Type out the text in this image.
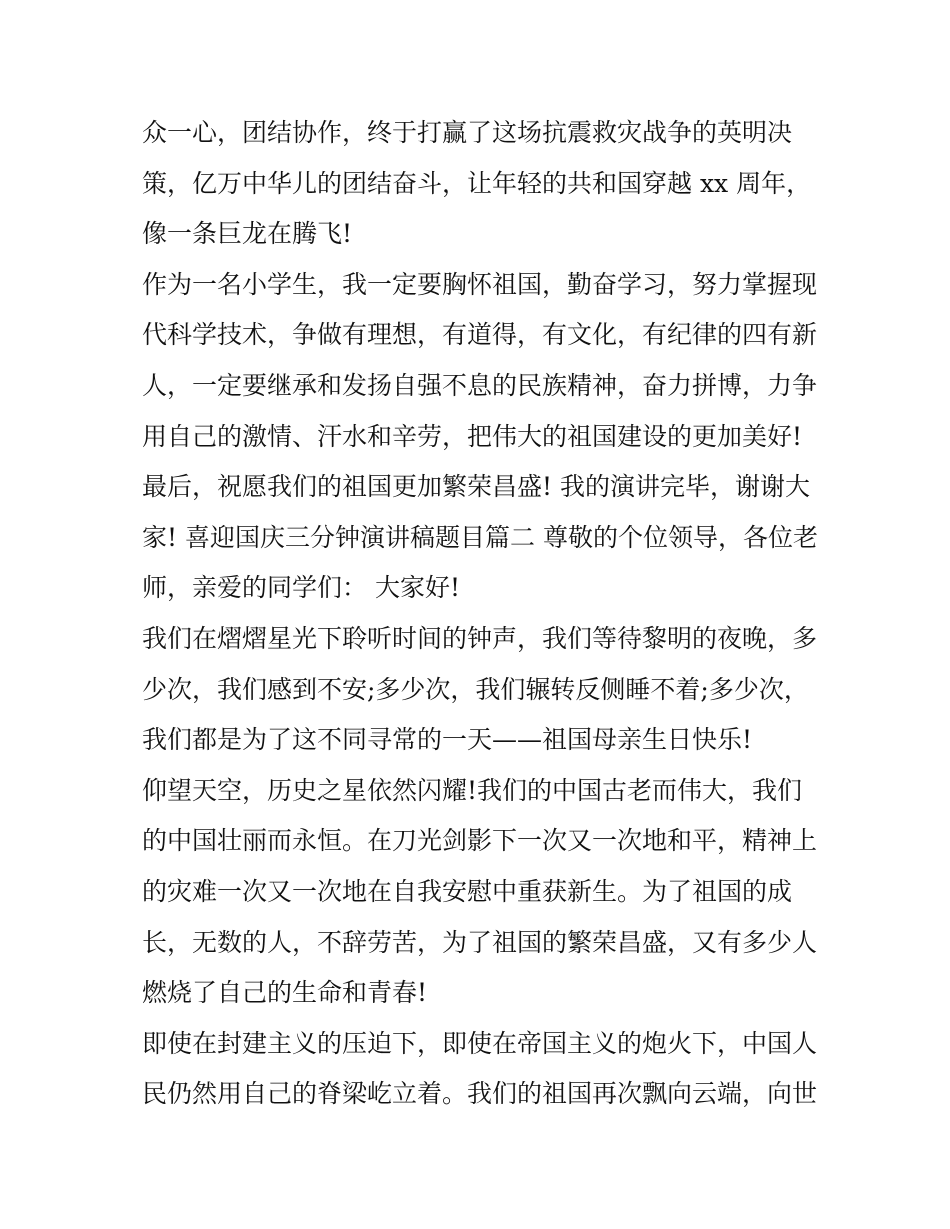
众一心，团结协作，终于打赢了这场抗震救灾战争的英明决
策，亿万中华儿的团结奋斗，让年轻的共和国穿越 xx 周年，
像一条巨龙在腾飞!
作为一名小学生，我一定要胸怀祖国，勤奋学习，努力掌握现
代科学技术，争做有理想，有道得，有文化，有纪律的四有新
人，一定要继承和发扬自强不息的民族精神，奋力拼博，力争
用自己的激情、汗水和辛劳，把伟大的祖国建设的更加美好!
最后，祝愿我们的祖国更加繁荣昌盛! 我的演讲完毕，谢谢大
家! 喜迎国庆三分钟演讲稿题目篇二 尊敬的个位领导，各位老
师，亲爱的同学们： 大家好!
我们在熠熠星光下聆听时间的钟声，我们等待黎明的夜晚，多
少次，我们感到不安;多少次，我们辗转反侧睡不着;多少次，
我们都是为了这不同寻常的一天——祖国母亲生日快乐!
仰望天空，历史之星依然闪耀!我们的中国古老而伟大，我们
的中国壮丽而永恒。在刀光剑影下一次又一次地和平，精神上
的灾难一次又一次地在自我安慰中重获新生。为了祖国的成
长，无数的人，不辞劳苦，为了祖国的繁荣昌盛，又有多少人
燃烧了自己的生命和青春!
即使在封建主义的压迫下，即使在帝国主义的炮火下，中国人
民仍然用自己的脊梁屹立着。我们的祖国再次飘向云端，向世
